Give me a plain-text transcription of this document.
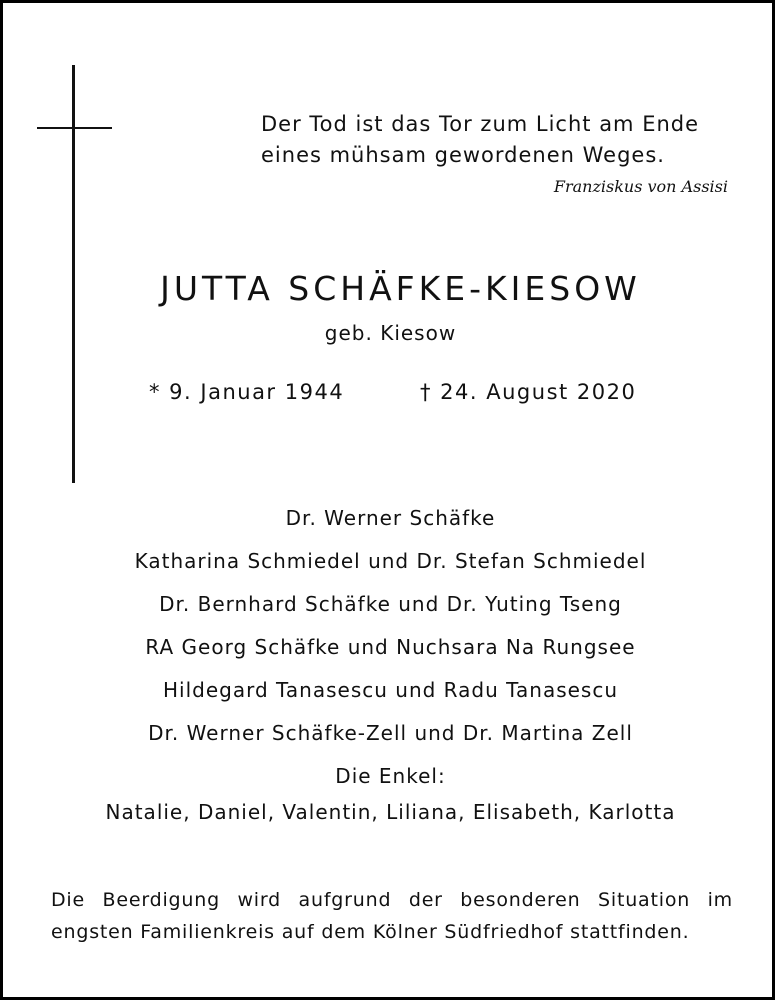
Der Tod ist das Tor zum Licht am Ende
eines mühsam gewordenen Weges.
Franziskus von Assisi
JUTTA SCHÄFKE-KIESOW
geb. Kiesow
* 9. Januar 1944	† 24. August 2020
Dr. Werner Schäfke
Katharina Schmiedel und Dr. Stefan Schmiedel
Dr. Bernhard Schäfke und Dr. Yuting Tseng
RA Georg Schäfke und Nuchsara Na Rungsee
Hildegard Tanasescu und Radu Tanasescu
Dr. Werner Schäfke-Zell und Dr. Martina Zell
Die Enkel:
Natalie, Daniel, Valentin, Liliana, Elisabeth, Karlotta
Die Beerdigung wird aufgrund der besonderen Situation im
engsten Familienkreis auf dem Kölner Südfriedhof stattfinden.
